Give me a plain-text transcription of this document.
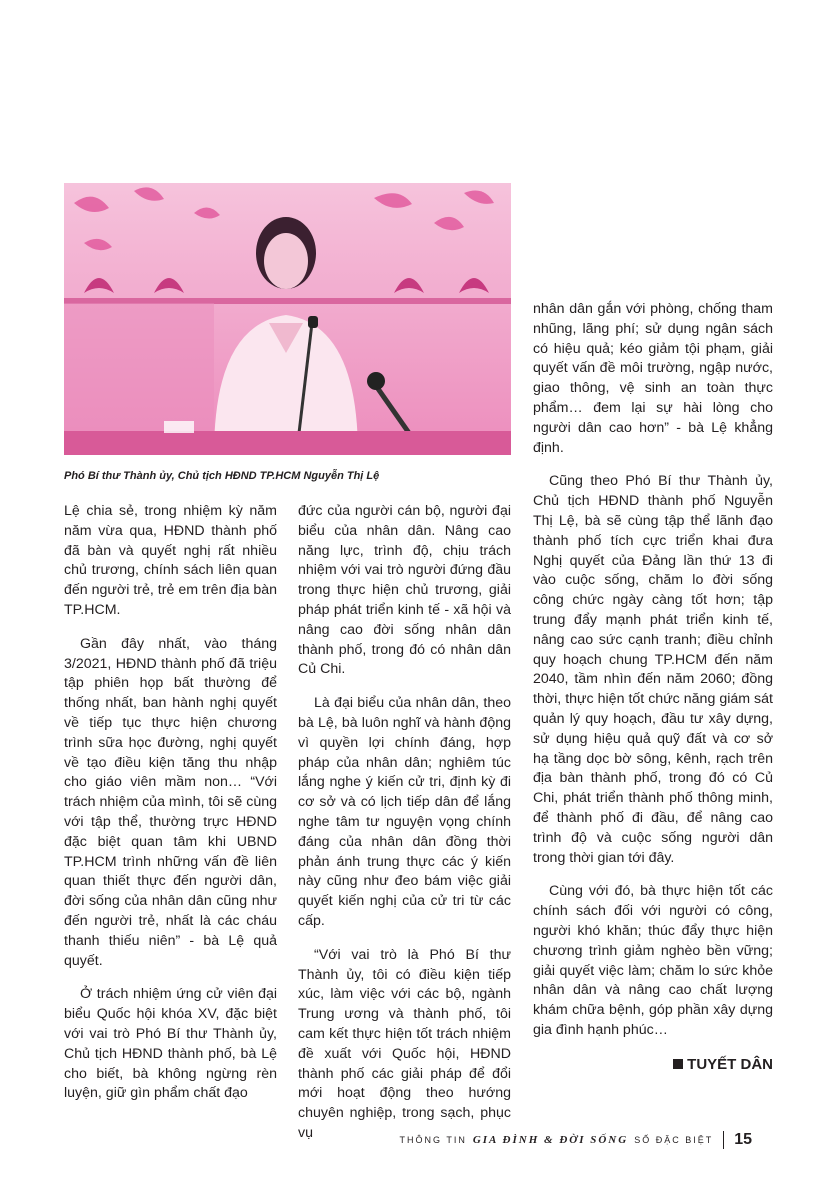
Phó Bí thư Thành ủy, Chủ tịch HĐND TP.HCM Nguyễn Thị Lệ

Lệ chia sẻ, trong nhiệm kỳ năm năm vừa qua, HĐND thành phố đã bàn và quyết nghị rất nhiều chủ trương, chính sách liên quan đến người trẻ, trẻ em trên địa bàn TP.HCM.

Gần đây nhất, vào tháng 3/2021, HĐND thành phố đã triệu tập phiên họp bất thường để thống nhất, ban hành nghị quyết về tiếp tục thực hiện chương trình sữa học đường, nghị quyết về tạo điều kiện tăng thu nhập cho giáo viên mầm non… “Với trách nhiệm của mình, tôi sẽ cùng với tập thể, thường trực HĐND đặc biệt quan tâm khi UBND TP.HCM trình những vấn đề liên quan thiết thực đến người dân, đời sống của nhân dân cũng như đến người trẻ, nhất là các cháu thanh thiếu niên” - bà Lệ quả quyết.

Ở trách nhiệm ứng cử viên đại biểu Quốc hội khóa XV, đặc biệt với vai trò Phó Bí thư Thành ủy, Chủ tịch HĐND thành phố, bà Lệ cho biết, bà không ngừng rèn luyện, giữ gìn phẩm chất đạo

đức của người cán bộ, người đại biểu của nhân dân. Nâng cao năng lực, trình độ, chịu trách nhiệm với vai trò người đứng đầu trong thực hiện chủ trương, giải pháp phát triển kinh tế - xã hội và nâng cao đời sống nhân dân thành phố, trong đó có nhân dân Củ Chi.

Là đại biểu của nhân dân, theo bà Lệ, bà luôn nghĩ và hành động vì quyền lợi chính đáng, hợp pháp của nhân dân; nghiêm túc lắng nghe ý kiến cử tri, định kỳ đi cơ sở và có lịch tiếp dân để lắng nghe tâm tư nguyện vọng chính đáng của nhân dân đồng thời phản ánh trung thực các ý kiến này cũng như đeo bám việc giải quyết kiến nghị của cử tri từ các cấp.

“Với vai trò là Phó Bí thư Thành ủy, tôi có điều kiện tiếp xúc, làm việc với các bộ, ngành Trung ương và thành phố, tôi cam kết thực hiện tốt trách nhiệm đề xuất với Quốc hội, HĐND thành phố các giải pháp để đổi mới hoạt động theo hướng chuyên nghiệp, trong sạch, phục vụ

nhân dân gắn với phòng, chống tham nhũng, lãng phí; sử dụng ngân sách có hiệu quả; kéo giảm tội phạm, giải quyết vấn đề môi trường, ngập nước, giao thông, vệ sinh an toàn thực phẩm… đem lại sự hài lòng cho người dân cao hơn” - bà Lệ khẳng định.

Cũng theo Phó Bí thư Thành ủy, Chủ tịch HĐND thành phố Nguyễn Thị Lệ, bà sẽ cùng tập thể lãnh đạo thành phố tích cực triển khai đưa Nghị quyết của Đảng lần thứ 13 đi vào cuộc sống, chăm lo đời sống công chức ngày càng tốt hơn; tập trung đẩy mạnh phát triển kinh tế, nâng cao sức cạnh tranh; điều chỉnh quy hoạch chung TP.HCM đến năm 2040, tầm nhìn đến năm 2060; đồng thời, thực hiện tốt chức năng giám sát quản lý quy hoạch, đầu tư xây dựng, sử dụng hiệu quả quỹ đất và cơ sở hạ tầng dọc bờ sông, kênh, rạch trên địa bàn thành phố, trong đó có Củ Chi, phát triển thành phố thông minh, để thành phố đi đầu, để nâng cao trình độ và cuộc sống người dân trong thời gian tới đây.

Cùng với đó, bà thực hiện tốt các chính sách đối với người có công, người khó khăn; thúc đẩy thực hiện chương trình giảm nghèo bền vững; giải quyết việc làm; chăm lo sức khỏe nhân dân và nâng cao chất lượng khám chữa bệnh, góp phần xây dựng gia đình hạnh phúc…

TUYẾT DÂN
THÔNG TIN GIA ĐÌNH & ĐỜI SỐNG SỐ ĐẶC BIỆT 15
